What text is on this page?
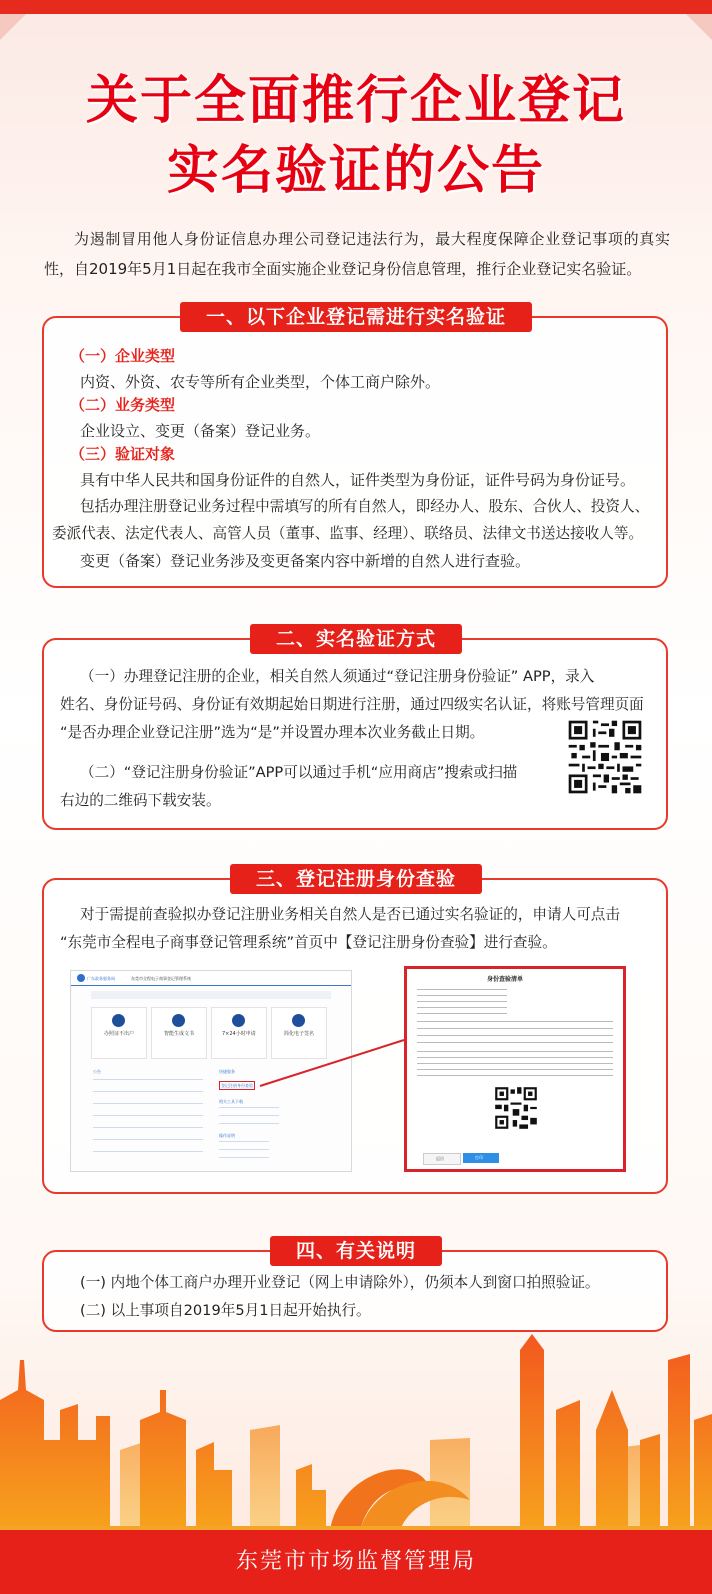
关于全面推行企业登记
实名验证的公告
为遏制冒用他人身份证信息办理公司登记违法行为，最大程度保障企业登记事项的真实性，自2019年5月1日起在我市全面实施企业登记身份信息管理，推行企业登记实名验证。
一、以下企业登记需进行实名验证
（一）企业类型
内资、外资、农专等所有企业类型，个体工商户除外。
（二）业务类型
企业设立、变更（备案）登记业务。
（三）验证对象
具有中华人民共和国身份证件的自然人，证件类型为身份证，证件号码为身份证号。
包括办理注册登记业务过程中需填写的所有自然人，即经办人、股东、合伙人、投资人、
委派代表、法定代表人、高管人员（董事、监事、经理）、联络员、法律文书送达接收人等。
变更（备案）登记业务涉及变更备案内容中新增的自然人进行查验。
二、实名验证方式
（一）办理登记注册的企业，相关自然人须通过“登记注册身份验证” APP，录入
姓名、身份证号码、身份证有效期起始日期进行注册，通过四级实名认证，将账号管理页面
“是否办理企业登记注册”选为“是”并设置办理本次业务截止日期。
（二）“登记注册身份验证”APP可以通过手机“应用商店”搜索或扫描
右边的二维码下载安装。
三、登记注册身份查验
对于需提前查验拟办登记注册业务相关自然人是否已通过实名验证的，申请人可点击
“东莞市全程电子商事登记管理系统”首页中【登记注册身份查验】进行查验。
广东政务服务网	东莞市全程电子商事登记管理系统
办照证不出户	智能生成文书	7×24小时申请	简化电子签名
公告	快捷服务
登记注册身份查验
相关工具下载
操作说明
身份查验清单
返回	打印
四、有关说明
(一) 内地个体工商户办理开业登记（网上申请除外），仍须本人到窗口拍照验证。
(二) 以上事项自2019年5月1日起开始执行。
东莞市市场监督管理局
